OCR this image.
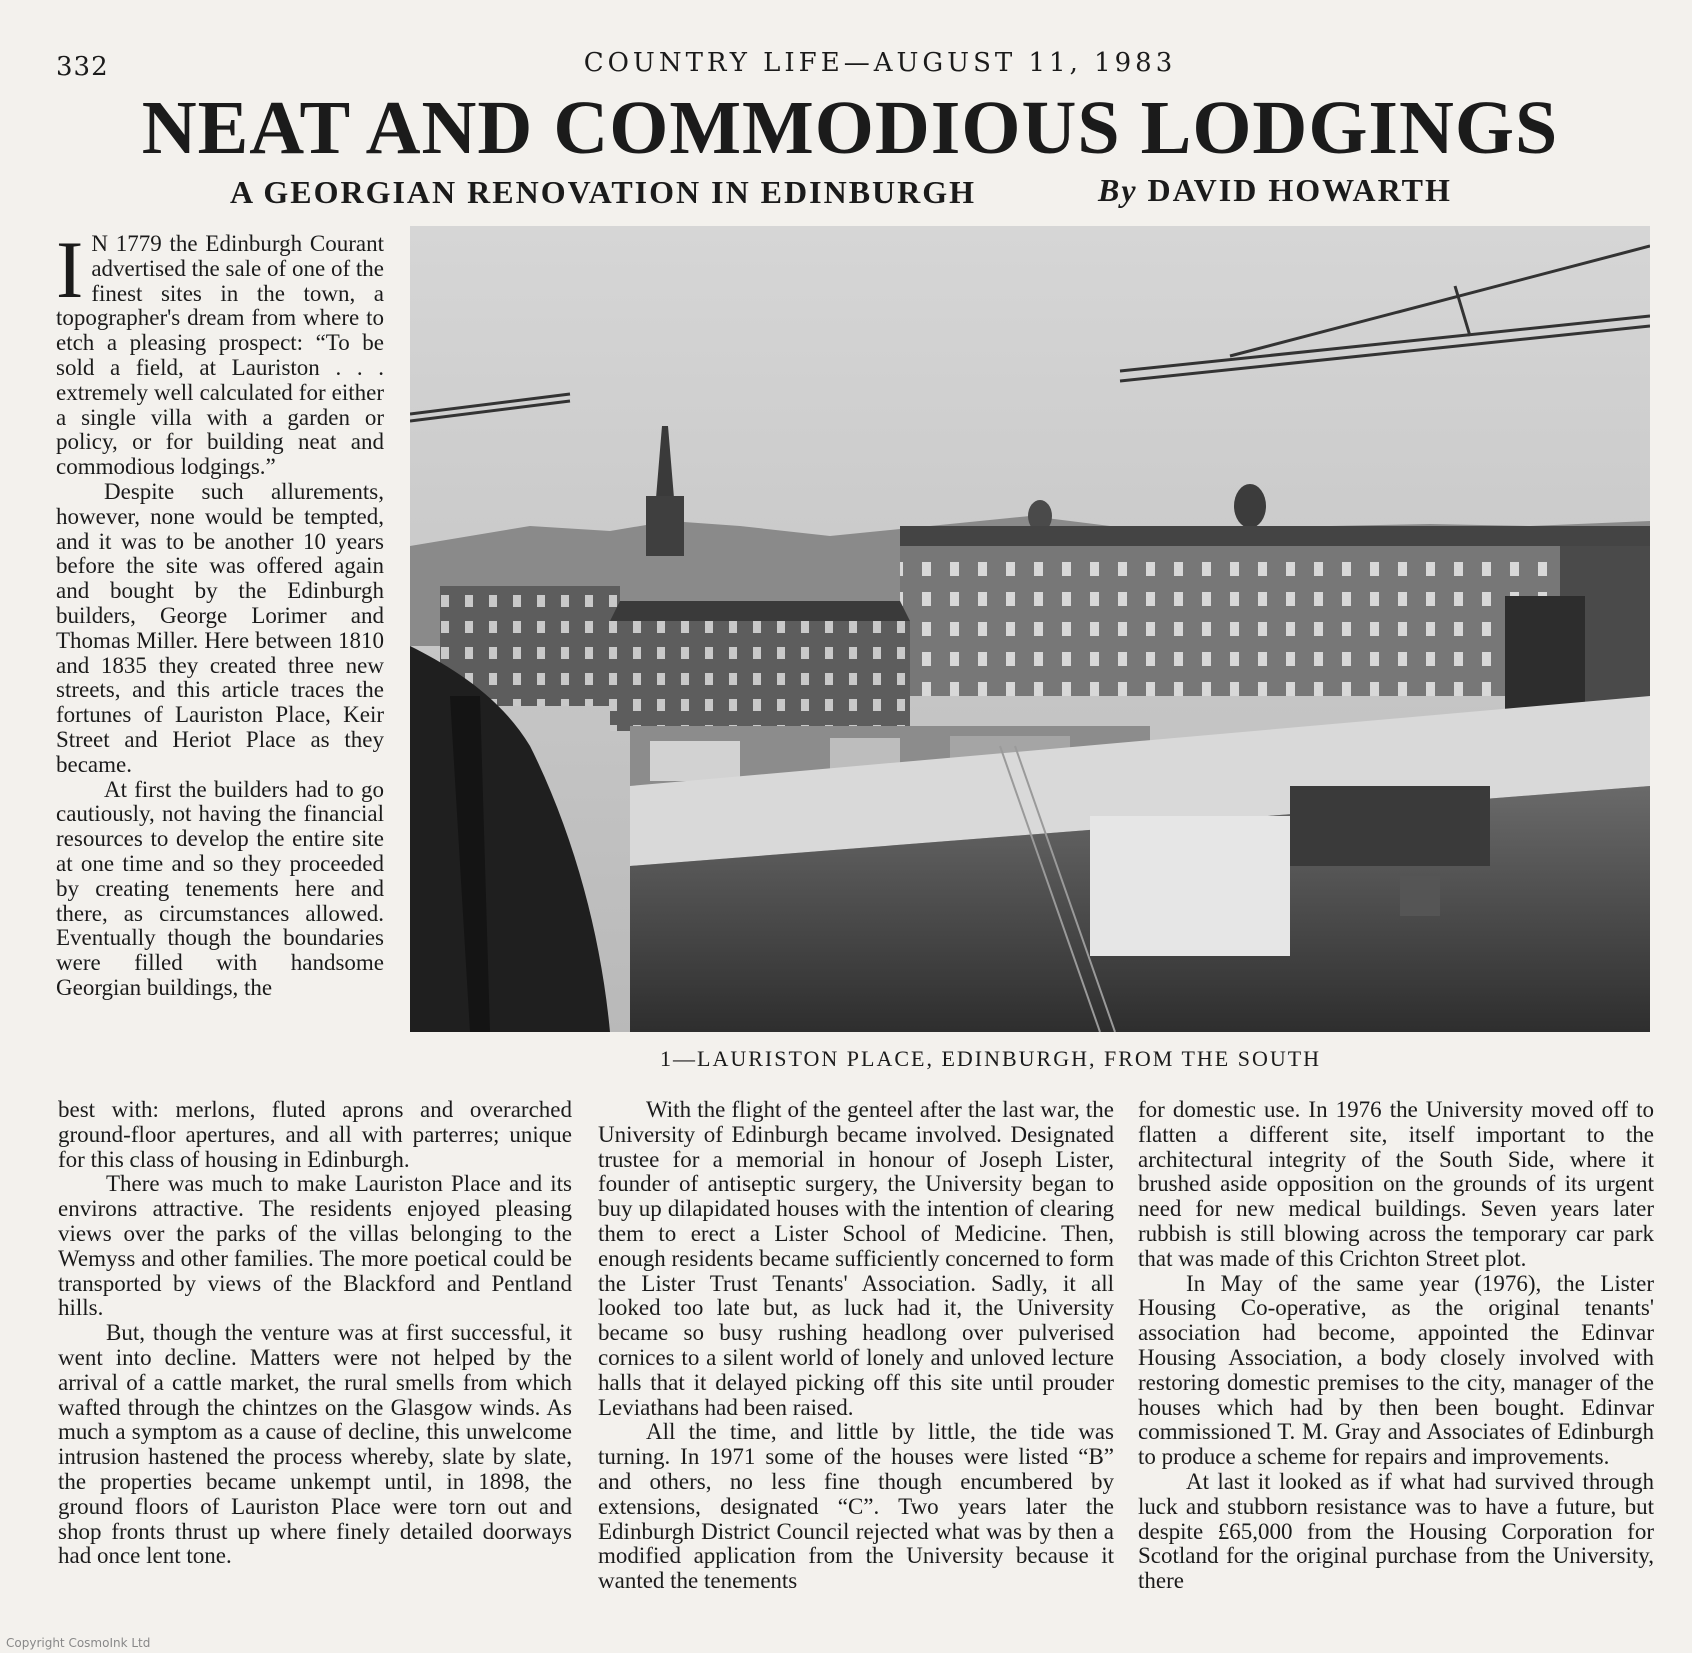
332	COUNTRY LIFE—AUGUST 11, 1983
NEAT AND COMMODIOUS LODGINGS
A GEORGIAN RENOVATION IN EDINBURGH	By DAVID HOWARTH
1—LAURISTON PLACE, EDINBURGH, FROM THE SOUTH

I N 1779 the Edinburgh Courant advertised the sale of one of the finest sites in the town, a topographer's dream from where to etch a pleasing prospect: “To be sold a field, at Lauriston . . . extremely well calculated for either a single villa with a garden or policy, or for building neat and commodious lodgings.”

Despite such allurements, however, none would be tempted, and it was to be another 10 years before the site was offered again and bought by the Edinburgh builders, George Lorimer and Thomas Miller. Here between 1810 and 1835 they created three new streets, and this article traces the fortunes of Lauriston Place, Keir Street and Heriot Place as they became.

At first the builders had to go cautiously, not having the financial resources to develop the entire site at one time and so they proceeded by creating tenements here and there, as circumstances allowed. Eventually though the boundaries were filled with handsome Georgian buildings, the

best with: merlons, fluted aprons and overarched ground-floor apertures, and all with parterres; unique for this class of housing in Edinburgh.

There was much to make Lauriston Place and its environs attractive. The residents enjoyed pleasing views over the parks of the villas belonging to the Wemyss and other families. The more poetical could be transported by views of the Blackford and Pentland hills.

But, though the venture was at first successful, it went into decline. Matters were not helped by the arrival of a cattle market, the rural smells from which wafted through the chintzes on the Glasgow winds. As much a symptom as a cause of decline, this unwelcome intrusion hastened the process whereby, slate by slate, the properties became unkempt until, in 1898, the ground floors of Lauriston Place were torn out and shop fronts thrust up where finely detailed doorways had once lent tone.

With the flight of the genteel after the last war, the University of Edinburgh became involved. Designated trustee for a memorial in honour of Joseph Lister, founder of antiseptic surgery, the University began to buy up dilapidated houses with the intention of clearing them to erect a Lister School of Medicine. Then, enough residents became sufficiently concerned to form the Lister Trust Tenants' Association. Sadly, it all looked too late but, as luck had it, the University became so busy rushing headlong over pulverised cornices to a silent world of lonely and unloved lecture halls that it delayed picking off this site until prouder Leviathans had been raised.

All the time, and little by little, the tide was turning. In 1971 some of the houses were listed “B” and others, no less fine though encumbered by extensions, designated “C”. Two years later the Edinburgh District Council rejected what was by then a modified application from the University because it wanted the tenements

for domestic use. In 1976 the University moved off to flatten a different site, itself important to the architectural integrity of the South Side, where it brushed aside opposition on the grounds of its urgent need for new medical buildings. Seven years later rubbish is still blowing across the temporary car park that was made of this Crichton Street plot.

In May of the same year (1976), the Lister Housing Co-operative, as the original tenants' association had become, appointed the Edinvar Housing Association, a body closely involved with restoring domestic premises to the city, manager of the houses which had by then been bought. Edinvar commissioned T. M. Gray and Associates of Edinburgh to produce a scheme for repairs and improvements.

At last it looked as if what had survived through luck and stubborn resistance was to have a future, but despite £65,000 from the Housing Corporation for Scotland for the original purchase from the University, there

Copyright CosmoInk Ltd
